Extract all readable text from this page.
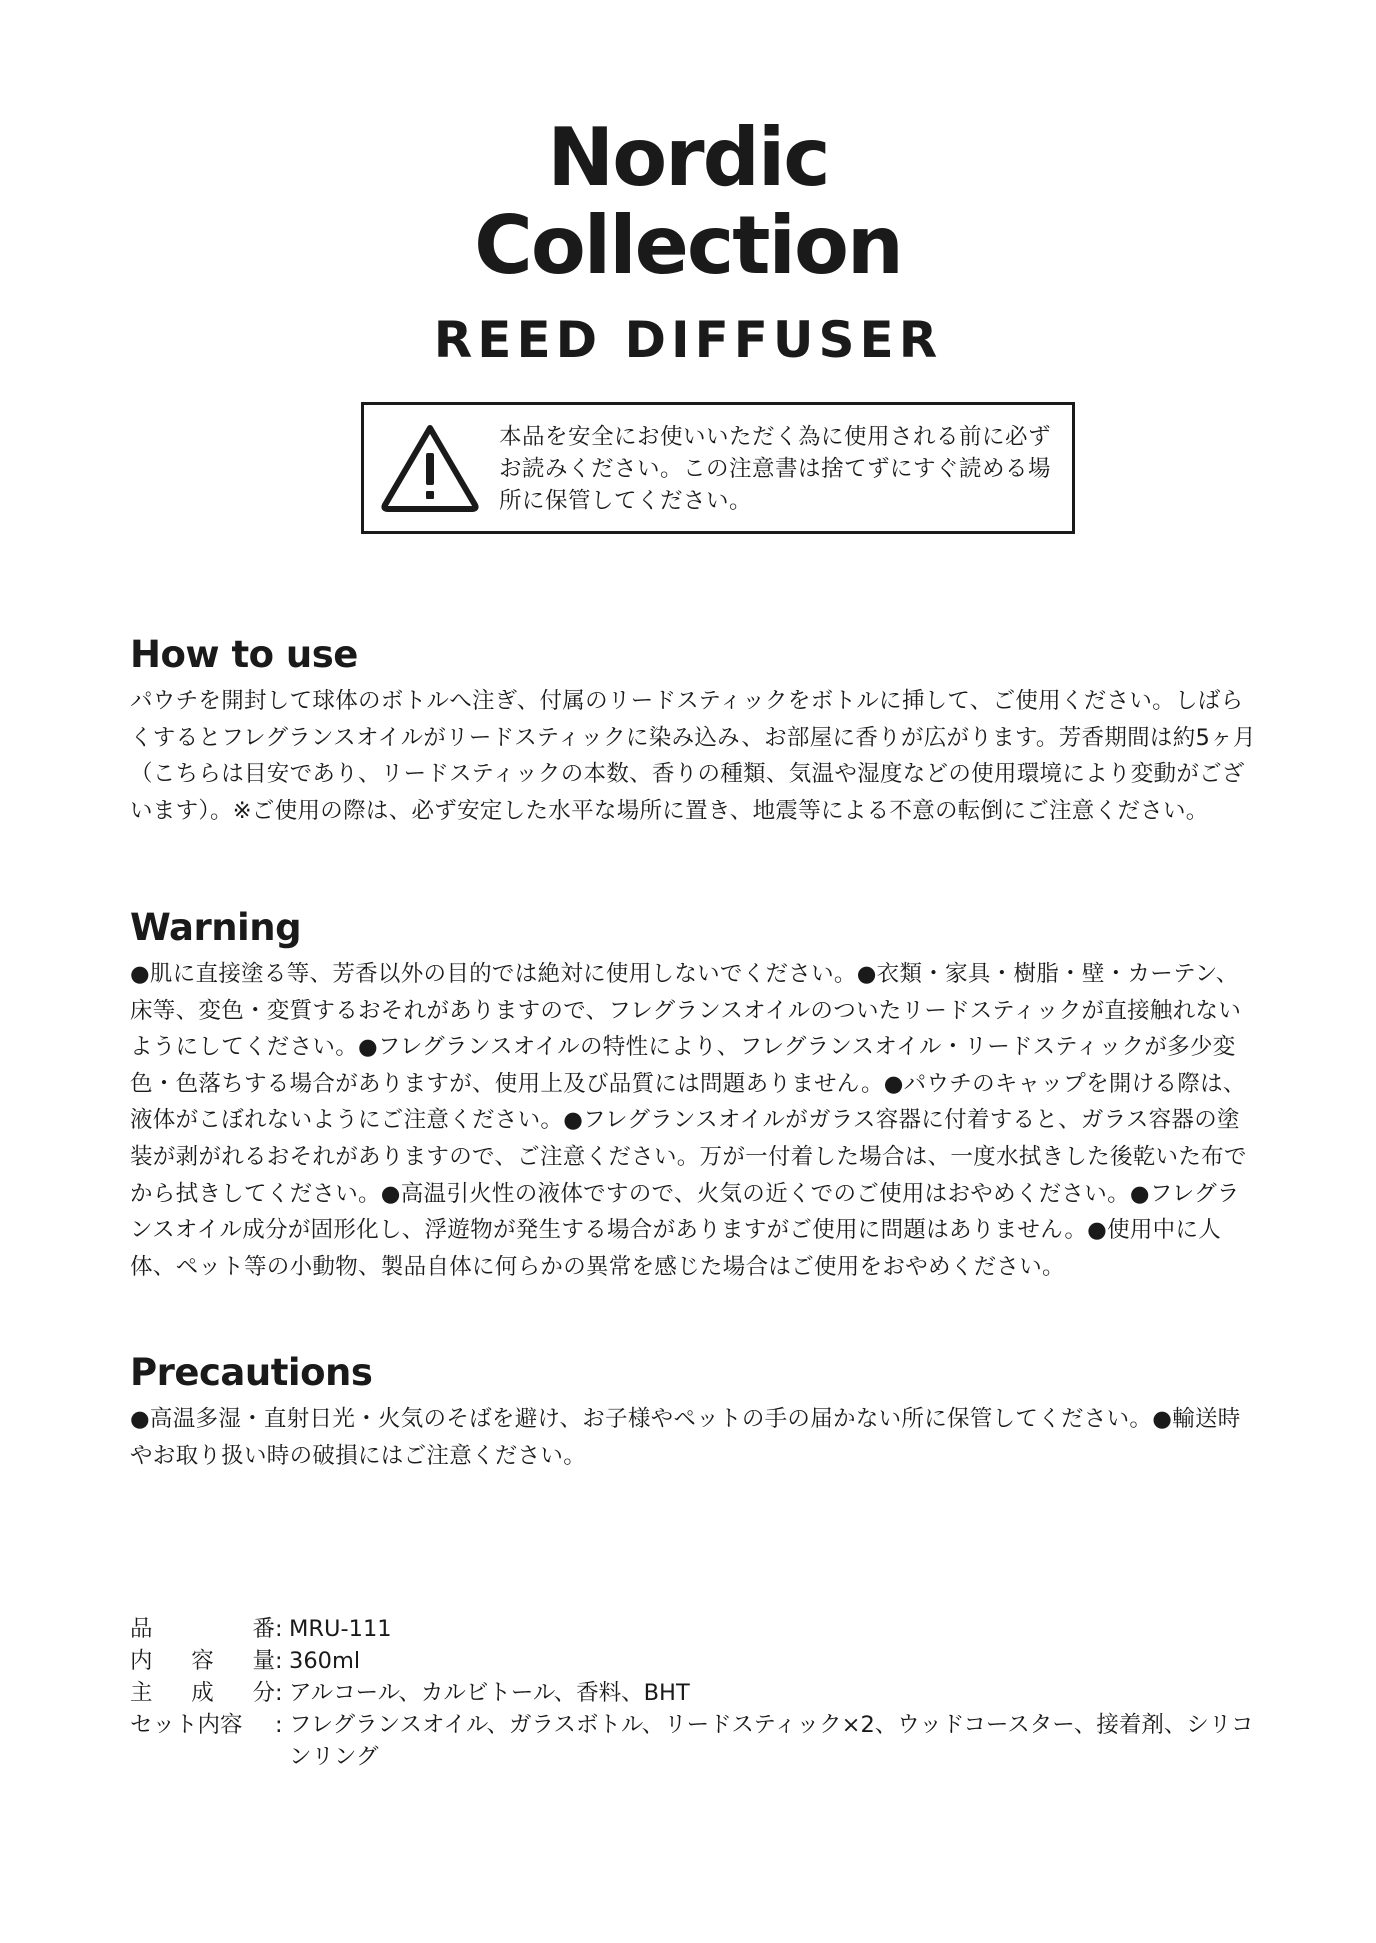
Nordic
Collection
REED DIFFUSER
本品を安全にお使いいただく為に使用される前に必ずお読みください。この注意書は捨てずにすぐ読める場所に保管してください。
How to use

パウチを開封して球体のボトルへ注ぎ、付属のリードスティックをボトルに挿して、ご使用ください。しばらくするとフレグランスオイルがリードスティックに染み込み、お部屋に香りが広がります。芳香期間は約5ヶ月（こちらは目安であり、リードスティックの本数、香りの種類、気温や湿度などの使用環境により変動がございます）。※ご使用の際は、必ず安定した水平な場所に置き、地震等による不意の転倒にご注意ください。

Warning

●肌に直接塗る等、芳香以外の目的では絶対に使用しないでください。●衣類・家具・樹脂・壁・カーテン、床等、変色・変質するおそれがありますので、フレグランスオイルのついたリードスティックが直接触れないようにしてください。●フレグランスオイルの特性により、フレグランスオイル・リードスティックが多少変色・色落ちする場合がありますが、使用上及び品質には問題ありません。●パウチのキャップを開ける際は、液体がこぼれないようにご注意ください。●フレグランスオイルがガラス容器に付着すると、ガラス容器の塗装が剥がれるおそれがありますので、ご注意ください。万が一付着した場合は、一度水拭きした後乾いた布でから拭きしてください。●高温引火性の液体ですので、火気の近くでのご使用はおやめください。●フレグランスオイル成分が固形化し、浮遊物が発生する場合がありますがご使用に問題はありません。●使用中に人体、ペット等の小動物、製品自体に何らかの異常を感じた場合はご使用をおやめください。

Precautions

●高温多湿・直射日光・火気のそばを避け、お子様やペットの手の届かない所に保管してください。●輸送時やお取り扱い時の破損にはご注意ください。

品	番 : MRU-111
内 容 量 : 360ml
主 成 分 : アルコール、カルビトール、香料、BHT
セット内容 : フレグランスオイル、ガラスボトル、リードスティック×2、ウッドコースター、接着剤、シリコンリング
